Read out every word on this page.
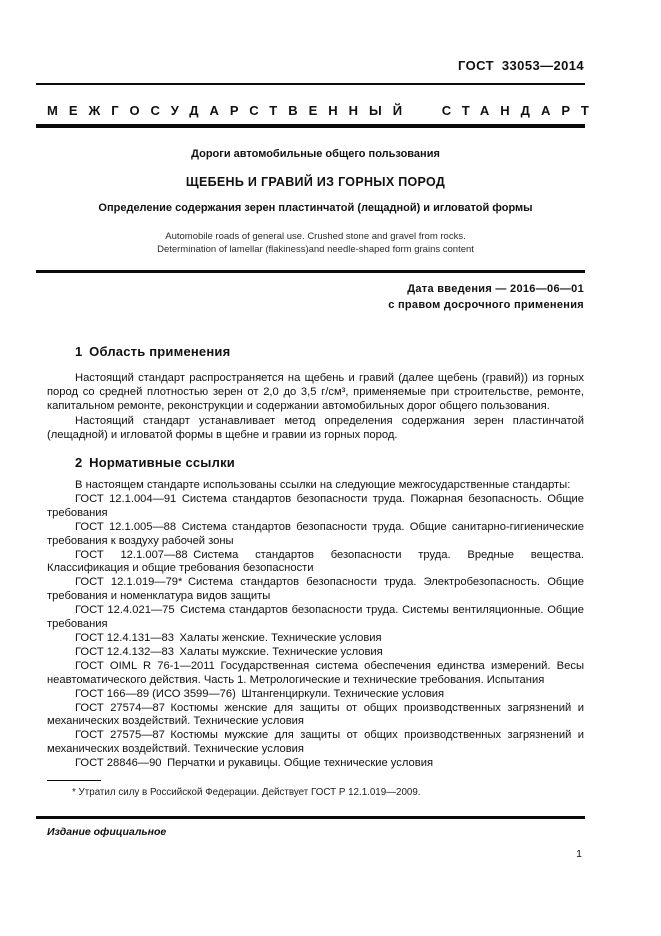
ГОСТ 33053—2014
МЕЖГОСУДАРСТВЕННЫЙ СТАНДАРТ
Дороги автомобильные общего пользования
ЩЕБЕНЬ И ГРАВИЙ ИЗ ГОРНЫХ ПОРОД
Определение содержания зерен пластинчатой (лещадной) и игловатой формы
Automobile roads of general use. Crushed stone and gravel from rocks.
Determination of lamellar (flakiness)and needle-shaped form grains content
Дата введения — 2016—06—01
с правом досрочного применения
1 Область применения

Настоящий стандарт распространяется на щебень и гравий (далее щебень (гравий)) из горных пород со средней плотностью зерен от 2,0 до 3,5 г/см³, применяемые при строительстве, ремонте, капитальном ремонте, реконструкции и содержании автомобильных дорог общего пользования.

Настоящий стандарт устанавливает метод определения содержания зерен пластинчатой (лещадной) и игловатой формы в щебне и гравии из горных пород.

2 Нормативные ссылки

В настоящем стандарте использованы ссылки на следующие межгосударственные стандарты:

ГОСТ 12.1.004—91 Система стандартов безопасности труда. Пожарная безопасность. Общие требования

ГОСТ 12.1.005—88 Система стандартов безопасности труда. Общие санитарно-гигиенические требования к воздуху рабочей зоны

ГОСТ 12.1.007—88 Система стандартов безопасности труда. Вредные вещества. Классификация и общие требования безопасности

ГОСТ 12.1.019—79* Система стандартов безопасности труда. Электробезопасность. Общие требования и номенклатура видов защиты

ГОСТ 12.4.021—75 Система стандартов безопасности труда. Системы вентиляционные. Общие требования

ГОСТ 12.4.131—83 Халаты женские. Технические условия

ГОСТ 12.4.132—83 Халаты мужские. Технические условия

ГОСТ OIML R 76-1—2011 Государственная система обеспечения единства измерений. Весы неавтоматического действия. Часть 1. Метрологические и технические требования. Испытания

ГОСТ 166—89 (ИСО 3599—76) Штангенциркули. Технические условия

ГОСТ 27574—87 Костюмы женские для защиты от общих производственных загрязнений и механических воздействий. Технические условия

ГОСТ 27575—87 Костюмы мужские для защиты от общих производственных загрязнений и механических воздействий. Технические условия

ГОСТ 28846—90 Перчатки и рукавицы. Общие технические условия

* Утратил силу в Российской Федерации. Действует ГОСТ Р 12.1.019—2009.
Издание официальное
1
